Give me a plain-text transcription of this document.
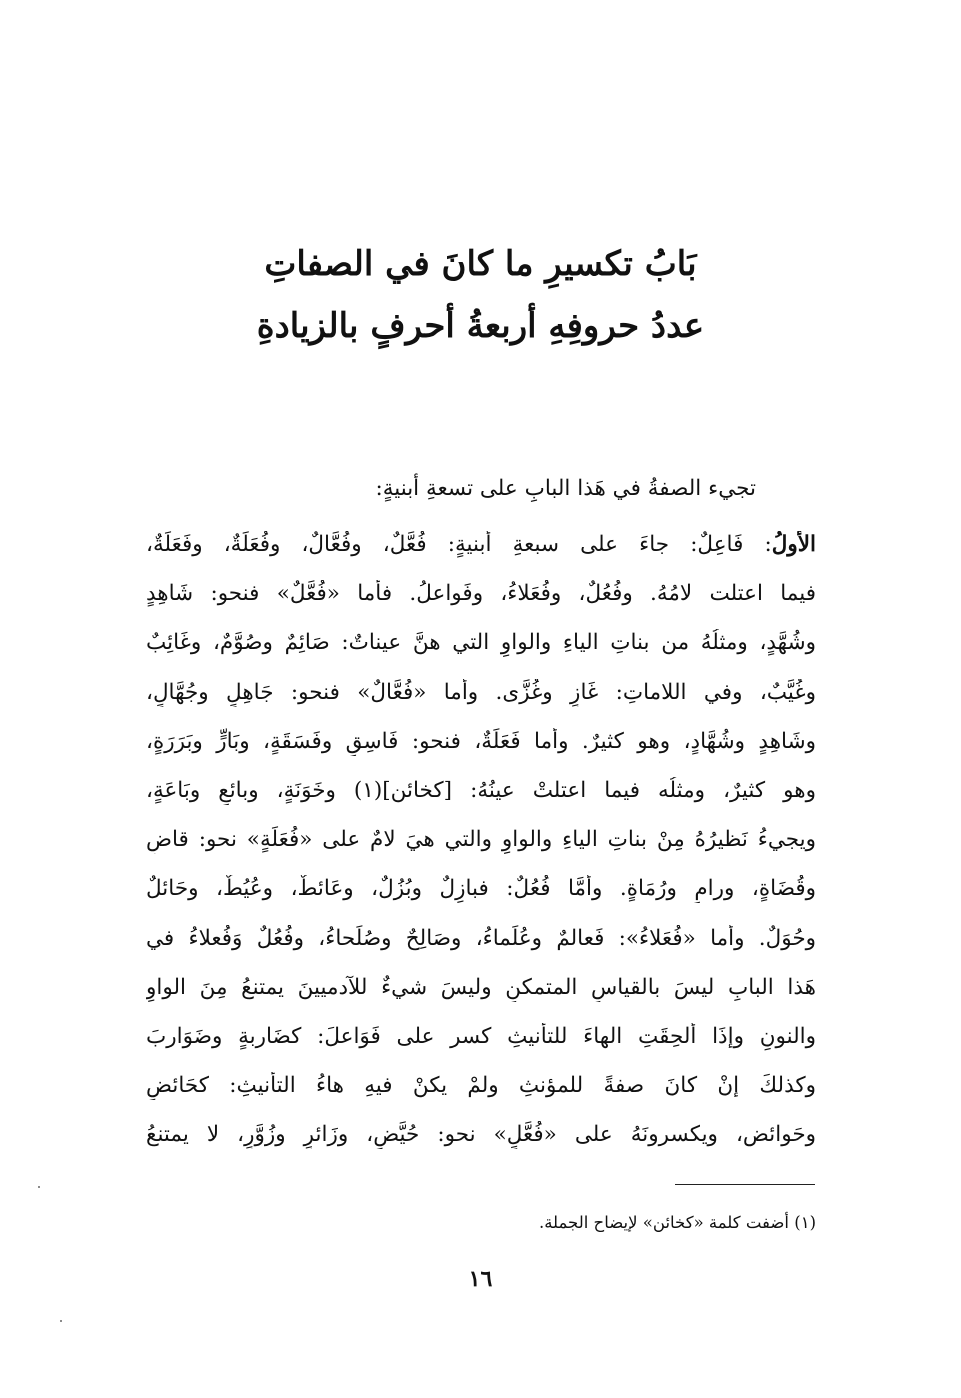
بَابُ تكسيرِ ما كانَ في الصفاتِ
عددُ حروفِهِ أربعةُ أحرفٍ بالزيادةِ
تجيء الصفةُ في هَذا البابِ على تسعةِ أبنيةٍ:
الأولُ: فَاعِلٌ: جاءَ على سبعةِ أبنيةٍ: فُعَّلٌ، وفُعَّالٌ، وفُعَلَةٌ، وفَعَلَةٌ،
فيما اعتلت لامُهُ. وفُعُلٌ، وفُعَلاءُ، وفَواعلُ. فأما «فُعَّلٌ» فنحو: شَاهِدٍ
وشُهَّدٍ، ومثلُهُ من بناتِ الياءِ والواوِ التي هنَّ عيناتٌ: صَائِمٌ وصُوَّمٌ، وغَائِبٌ
وغُيَّبٌ، وفي اللاماتِ: غَازٍ وغُزَّى. وأما «فُعَّالٌ» فنحو: جَاهِلٍ وجُهَّالٍ،
وشَاهِدٍ وشُهَّادٍ، وهو كثيرٌ. وأما فَعَلَةٌ، فنحو: فَاسِقٍ وفَسَقَةٍ، وبَارٍّ وبَرَرَةٍ،
وهو كثيرٌ، ومثلُه فيما اعتلتْ عينُهُ: [كخائن](١) وخَوَنَةٍ، وبائعٍ وبَاعَةٍ،
ويجيءُ نَظيرُهُ مِنْ بناتِ الياءِ والواوِ والتي هيَ لامٌ على «فُعَلَةٍ» نحو: قاضٍ
وقُضَاةٍ، ورامٍ ورُمَاةٍ. وأَمَّا فُعُلٌ: فبازِلٌ وبُزُلٌ، وعَائطٌ، وعُيُطٌ، وحَائلٌ
وحُوَلٌ. وأما «فُعَلاءُ»: فَعالمٌ وعُلَماءُ، وصَالِحٌ وصُلَحاءُ، وفُعُلٌ وَفُعلاءُ في
هَذا البابِ ليسَ بالقياسِ المتمكنِ وليسَ شيءٌ للآدميينَ يمتنعُ مِنَ الواوِ
والنونِ وإذَا أُلحِقَتِ الهاءَ للتأنيثِ كسر على فَوَاعلَ: كضَاربةٍ وضَوَاربَ
وكذلكَ إنْ كانَ صفةً للمؤنثِ ولمْ يكنْ فيهِ هاءُ التأنيثِ: كحَائضٍ
وحَوائض، ويكسرونَهُ على «فُعَّلٍ» نحو: حُيَّضٍ، وزَائرٍ وزُوَّرٍ، لا يمتنعُ
(١) أضفت كلمة «كخائن» لإيضاح الجملة.
١٦
